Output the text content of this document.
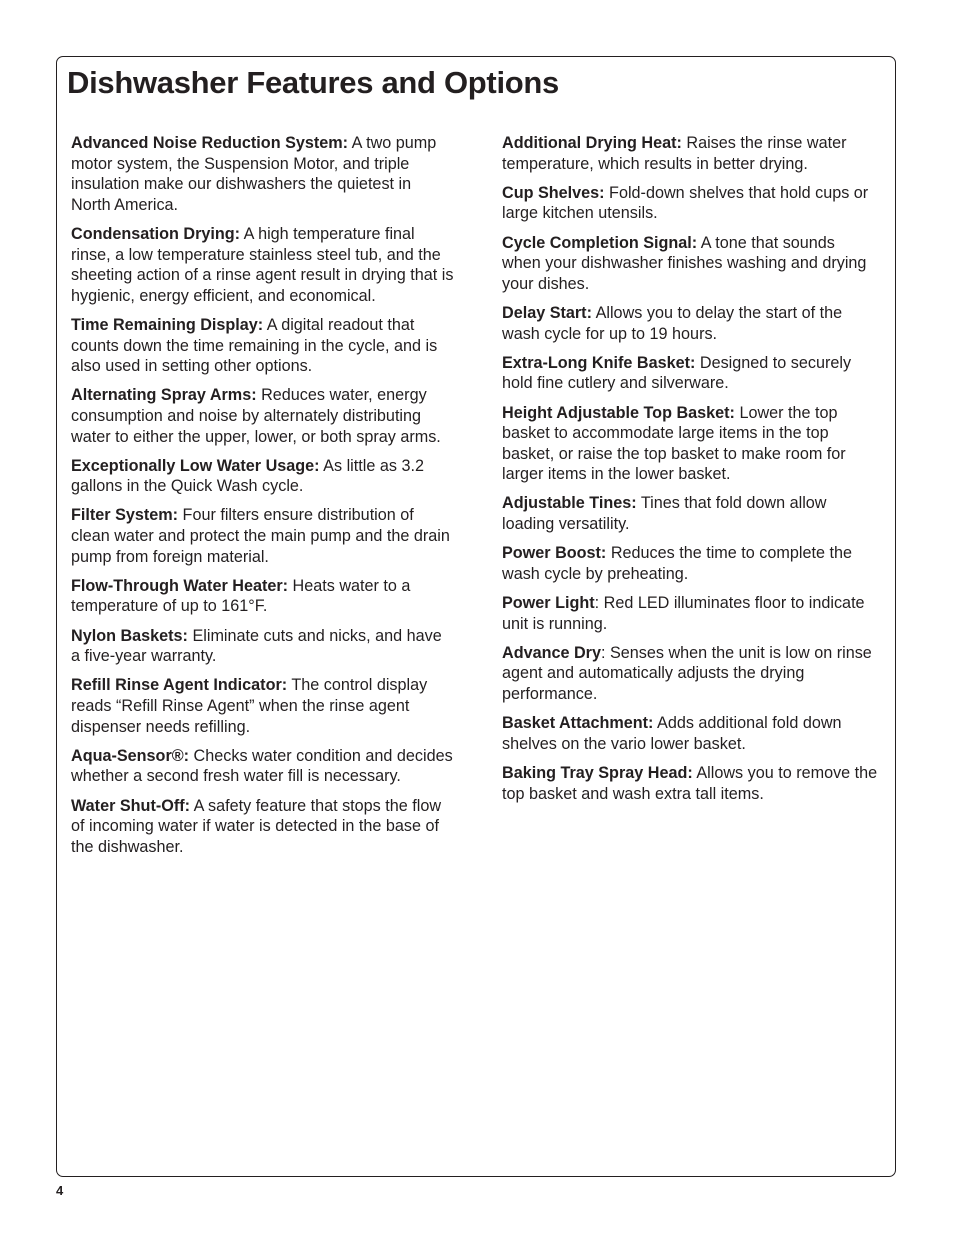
Dishwasher Features and Options

Advanced Noise Reduction System: A two pump motor system, the Suspension Motor, and triple insulation make our dishwashers the quietest in North America.

Condensation Drying: A high temperature final rinse, a low temperature stainless steel tub, and the sheeting action of a rinse agent result in drying that is hygienic, energy efficient, and economical.

Time Remaining Display: A digital readout that counts down the time remaining in the cycle, and is also used in setting other options.

Alternating Spray Arms: Reduces water, energy consumption and noise by alternately distributing water to either the upper, lower, or both spray arms.

Exceptionally Low Water Usage: As little as 3.2 gallons in the Quick Wash cycle.

Filter System: Four filters ensure distribution of clean water and protect the main pump and the drain pump from foreign material.

Flow-Through Water Heater: Heats water to a temperature of up to 161°F.

Nylon Baskets: Eliminate cuts and nicks, and have a five-year warranty.

Refill Rinse Agent Indicator: The control display reads “Refill Rinse Agent” when the rinse agent dispenser needs refilling.

Aqua-Sensor®: Checks water condition and decides whether a second fresh water fill is necessary.

Water Shut-Off: A safety feature that stops the flow of incoming water if water is detected in the base of the dishwasher.

Additional Drying Heat: Raises the rinse water temperature, which results in better drying.

Cup Shelves: Fold-down shelves that hold cups or large kitchen utensils.

Cycle Completion Signal: A tone that sounds when your dishwasher finishes washing and drying your dishes.

Delay Start: Allows you to delay the start of the wash cycle for up to 19 hours.

Extra-Long Knife Basket: Designed to securely hold fine cutlery and silverware.

Height Adjustable Top Basket: Lower the top basket to accommodate large items in the top basket, or raise the top basket to make room for larger items in the lower basket.

Adjustable Tines: Tines that fold down allow loading versatility.

Power Boost: Reduces the time to complete the wash cycle by preheating.

Power Light: Red LED illuminates floor to indicate unit is running.

Advance Dry: Senses when the unit is low on rinse agent and automatically adjusts the drying performance.

Basket Attachment: Adds additional fold down shelves on the vario lower basket.

Baking Tray Spray Head: Allows you to remove the top basket and wash extra tall items.

4
